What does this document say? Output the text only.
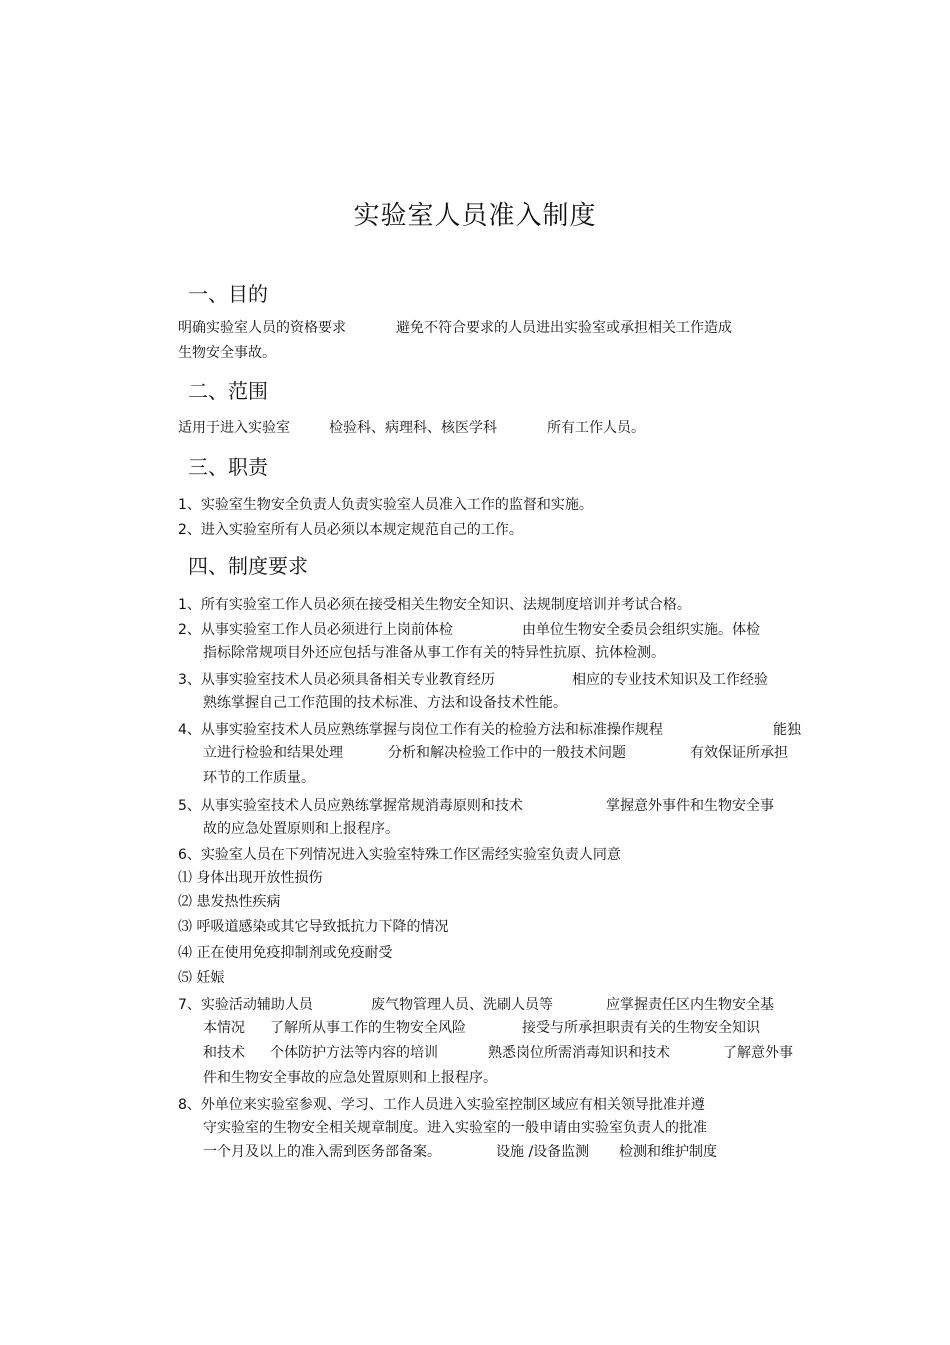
实验室人员准入制度
一、目的
明确实验室人员的资格要求	避免不符合要求的人员进出实验室或承担相关工作造成
生物安全事故。
二、范围
适用于进入实验室	检验科、病理科、核医学科	所有工作人员。
三、职责
1、实验室生物安全负责人负责实验室人员准入工作的监督和实施。
2、进入实验室所有人员必须以本规定规范自己的工作。
四、制度要求
1、所有实验室工作人员必须在接受相关生物安全知识、法规制度培训并考试合格。
2、从事实验室工作人员必须进行上岗前体检	由单位生物安全委员会组织实施。体检
指标除常规项目外还应包括与准备从事工作有关的特异性抗原、抗体检测。
3、从事实验室技术人员必须具备相关专业教育经历	相应的专业技术知识及工作经验
熟练掌握自己工作范围的技术标准、方法和设备技术性能。
4、从事实验室技术人员应熟练掌握与岗位工作有关的检验方法和标准操作规程	能独
立进行检验和结果处理	分析和解决检验工作中的一般技术问题	有效保证所承担
环节的工作质量。
5、从事实验室技术人员应熟练掌握常规消毒原则和技术	掌握意外事件和生物安全事
故的应急处置原则和上报程序。
6、实验室人员在下列情况进入实验室特殊工作区需经实验室负责人同意
⑴ 身体出现开放性损伤
⑵ 患发热性疾病
⑶ 呼吸道感染或其它导致抵抗力下降的情况
⑷ 正在使用免疫抑制剂或免疫耐受
⑸ 妊娠
7、实验活动辅助人员	废气物管理人员、洗刷人员等	应掌握责任区内生物安全基
本情况 了解所从事工作的生物安全风险	接受与所承担职责有关的生物安全知识
和技术 个体防护方法等内容的培训	熟悉岗位所需消毒知识和技术	了解意外事
件和生物安全事故的应急处置原则和上报程序。
8、外单位来实验室参观、学习、工作人员进入实验室控制区域应有相关领导批准并遵
守实验室的生物安全相关规章制度。进入实验室的一般申请由实验室负责人的批准
一个月及以上的准入需到医务部备案。	设施 /设备监测 检测和维护制度
